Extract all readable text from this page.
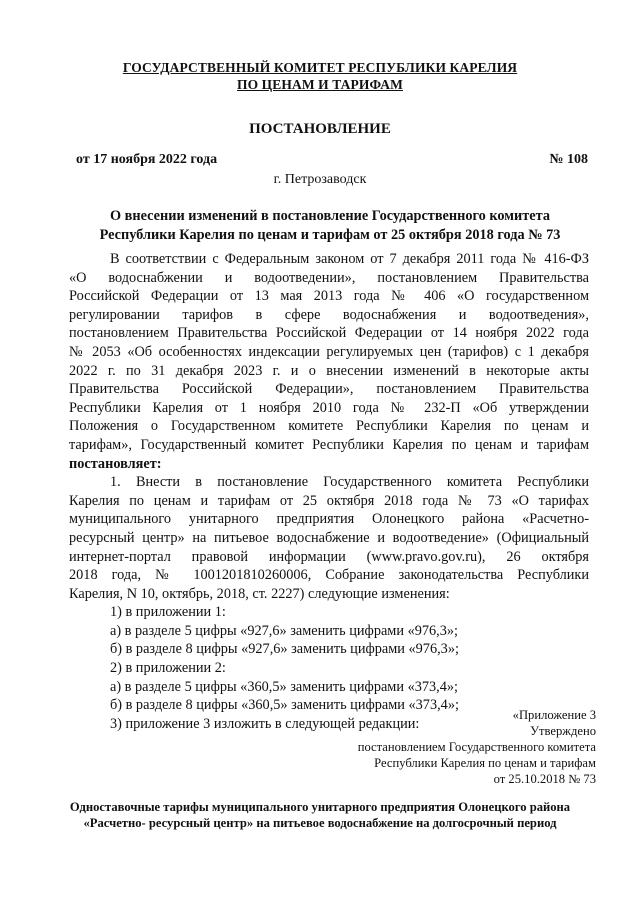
ГОСУДАРСТВЕННЫЙ КОМИТЕТ РЕСПУБЛИКИ КАРЕЛИЯ
ПО ЦЕНАМ И ТАРИФАМ
ПОСТАНОВЛЕНИЕ
от 17 ноября 2022 года	№ 108
г. Петрозаводск
О внесении изменений в постановление Государственного комитета
Республики Карелия по ценам и тарифам от 25 октября 2018 года № 73
В соответствии с Федеральным законом от 7 декабря 2011 года № 416-ФЗ
«О водоснабжении и водоотведении», постановлением Правительства
Российской Федерации от 13 мая 2013 года № 406 «О государственном
регулировании тарифов в сфере водоснабжения и водоотведения»,
постановлением Правительства Российской Федерации от 14 ноября 2022 года
№ 2053 «Об особенностях индексации регулируемых цен (тарифов) с 1 декабря
2022 г. по 31 декабря 2023 г. и о внесении изменений в некоторые акты
Правительства Российской Федерации», постановлением Правительства
Республики Карелия от 1 ноября 2010 года № 232-П «Об утверждении
Положения о Государственном комитете Республики Карелия по ценам и
тарифам», Государственный комитет Республики Карелия по ценам и тарифам
постановляет:
1. Внести в постановление Государственного комитета Республики
Карелия по ценам и тарифам от 25 октября 2018 года № 73 «О тарифах
муниципального унитарного предприятия Олонецкого района «Расчетно-
ресурсный центр» на питьевое водоснабжение и водоотведение» (Официальный
интернет-портал правовой информации (www.pravo.gov.ru), 26 октября
2018 года, № 1001201810260006, Собрание законодательства Республики
Карелия, N 10, октябрь, 2018, ст. 2227) следующие изменения:
1) в приложении 1:
а) в разделе 5 цифры «927,6» заменить цифрами «976,3»;
б) в разделе 8 цифры «927,6» заменить цифрами «976,3»;
2) в приложении 2:
а) в разделе 5 цифры «360,5» заменить цифрами «373,4»;
б) в разделе 8 цифры «360,5» заменить цифрами «373,4»;
3) приложение 3 изложить в следующей редакции:
«Приложение 3
Утверждено
постановлением Государственного комитета
Республики Карелия по ценам и тарифам
от 25.10.2018 № 73
Одноставочные тарифы муниципального унитарного предприятия Олонецкого района
«Расчетно- ресурсный центр» на питьевое водоснабжение на долгосрочный период
